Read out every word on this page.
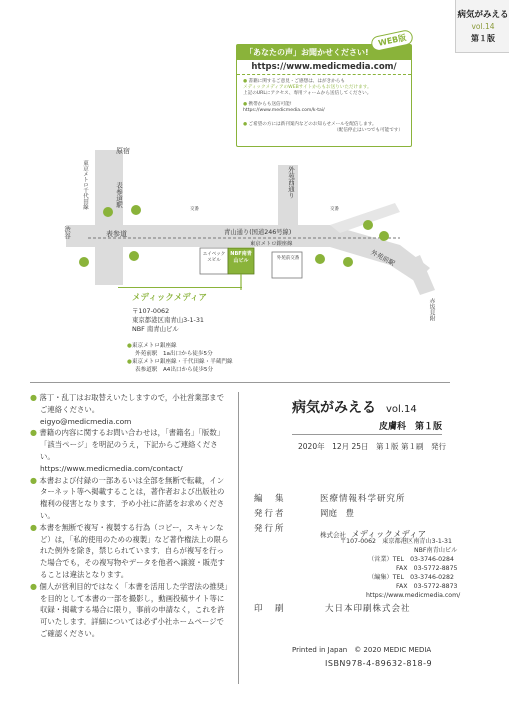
病気がみえる
vol.14
第１版
「あなたの声」お聞かせください!
WEB版
https://www.medicmedia.com/
● 書籍に関するご意見・ご感想は、はがきからも
メディックメディアのWEBサイトからもお送りいただけます。
上記のURLにアクセス、専用フォームから送信してください。
● 携帯からも送信可能!
https://www.medicmedia.com/k-tai/
● ご希望の方には新刊案内などのお知らせメールを配信します。
（配信停止はいつでも可能です）
原宿
東京メトロ千代田線	表参道駅
表参道
渋谷
外苑西通り
青山通り(国道246号線)
東京メトロ銀座線
外苑前駅
赤坂見附
外苑前交番
エイベックスビル
NBF南青山ビル
交番	交番
メディックメディア
〒107-0062
東京都港区南青山3-1-31
NBF 南青山ビル
●東京メトロ銀座線
外苑前駅　1a出口から徒歩5分
●東京メトロ銀座線・千代田線・半蔵門線
表参道駅　A4出口から徒歩5分

● 落丁・乱丁はお取替えいたしますので，小社営業部までご連絡ください。

eigyo@medicmedia.com

● 書籍の内容に関するお問い合わせは，「書籍名」「版数」「該当ページ」を明記のうえ，下記からご連絡ください。

https://www.medicmedia.com/contact/

● 本書および付録の一部あるいは全部を無断で転載，インターネット等へ掲載することは，著作者および出版社の権利の侵害となります．予め小社に許諾をお求めください。

● 本書を無断で複写・複製する行為（コピー，スキャンなど）は，「私的使用のための複製」など著作権法上の限られた例外を除き，禁じられています．自らが複写を行った場合でも，その複写物やデータを他者へ譲渡・販売することは違法となります。

● 個人が営利目的ではなく「本書を活用した学習法の推奨」を目的として本書の一部を撮影し，動画投稿サイト等に収録・掲載する場合に限り，事前の申請なく，これを許可いたします．詳細については必ず小社ホームページでご確認ください。

病気がみえる vol.14
皮膚科　第１版
2020年　12月 25日　第１版 第１刷　発行
編　集	医療情報科学研究所
発行者	岡庭　豊
発行所
株式会社 メディックメディア
〒107-0062　東京都港区南青山3-1-31
NBF南青山ビル
（営業）TEL　03-3746-0284
FAX　03-5772-8875
（編集）TEL　03-3746-0282
FAX　03-5772-8873
https://www.medicmedia.com/
印　刷	大日本印刷株式会社
Printed in Japan　© 2020 MEDIC MEDIA
ISBN978-4-89632-818-9
